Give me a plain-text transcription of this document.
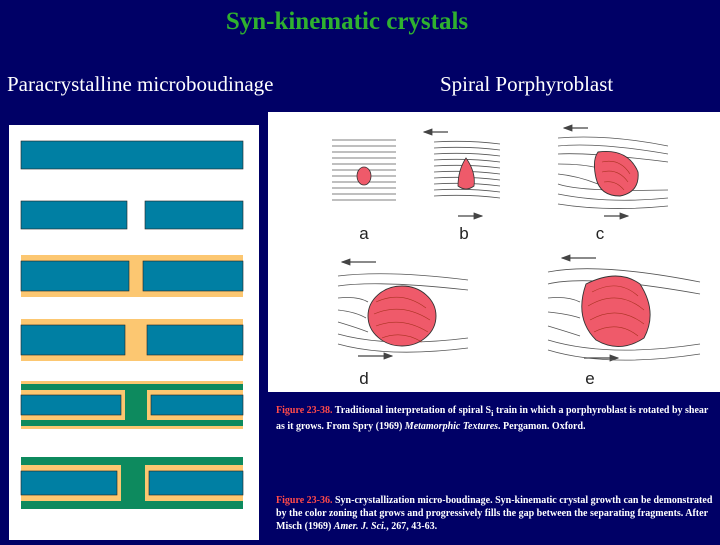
Syn-kinematic crystals
Paracrystalline microboudinage	Spiral Porphyroblast
a	b	c
d	e
Figure 23-38. Traditional interpretation of spiral $S_i$ train in which a porphyroblast is rotated by shear as it grows. From Spry (1969) Metamorphic Textures. Pergamon. Oxford.
Figure 23-36. Syn-crystallization micro-boudinage. Syn-kinematic crystal growth can be demonstrated by the color zoning that grows and progressively fills the gap between the separating fragments. After Misch (1969) Amer. J. Sci., 267, 43-63.
